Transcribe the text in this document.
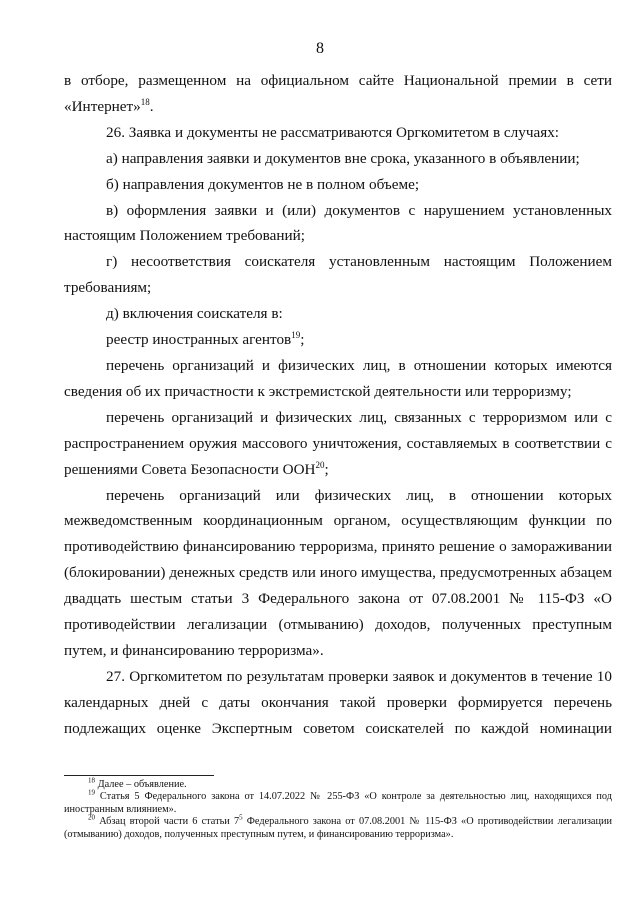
8

в отборе, размещенном на официальном сайте Национальной премии в сети «Интернет»$^{18}$.

26. Заявка и документы не рассматриваются Оргкомитетом в случаях:

а) направления заявки и документов вне срока, указанного в объявлении;

б) направления документов не в полном объеме;

в) оформления заявки и (или) документов с нарушением установленных настоящим Положением требований;

г) несоответствия соискателя установленным настоящим Положением требованиям;

д) включения соискателя в:

реестр иностранных агентов$^{19}$;

перечень организаций и физических лиц, в отношении которых имеются сведения об их причастности к экстремистской деятельности или терроризму;

перечень организаций и физических лиц, связанных с терроризмом или с распространением оружия массового уничтожения, составляемых в соответствии с решениями Совета Безопасности ООН$^{20}$;

перечень организаций или физических лиц, в отношении которых межведомственным координационным органом, осуществляющим функции по противодействию финансированию терроризма, принято решение о замораживании (блокировании) денежных средств или иного имущества, предусмотренных абзацем двадцать шестым статьи 3 Федерального закона от 07.08.2001 № 115-ФЗ «О противодействии легализации (отмыванию) доходов, полученных преступным путем, и финансированию терроризма».

27. Оргкомитетом по результатам проверки заявок и документов в течение 10 календарных дней с даты окончания такой проверки формируется перечень подлежащих оценке Экспертным советом соискателей по каждой номинации

$^{18}$ Далее – объявление.

$^{19}$ Статья 5 Федерального закона от 14.07.2022 № 255-ФЗ «О контроле за деятельностью лиц, находящихся под иностранным влиянием».

$^{20}$ Абзац второй части 6 статьи $7^5$ Федерального закона от 07.08.2001 № 115-ФЗ «О противодействии легализации (отмыванию) доходов, полученных преступным путем, и финансированию терроризма».
